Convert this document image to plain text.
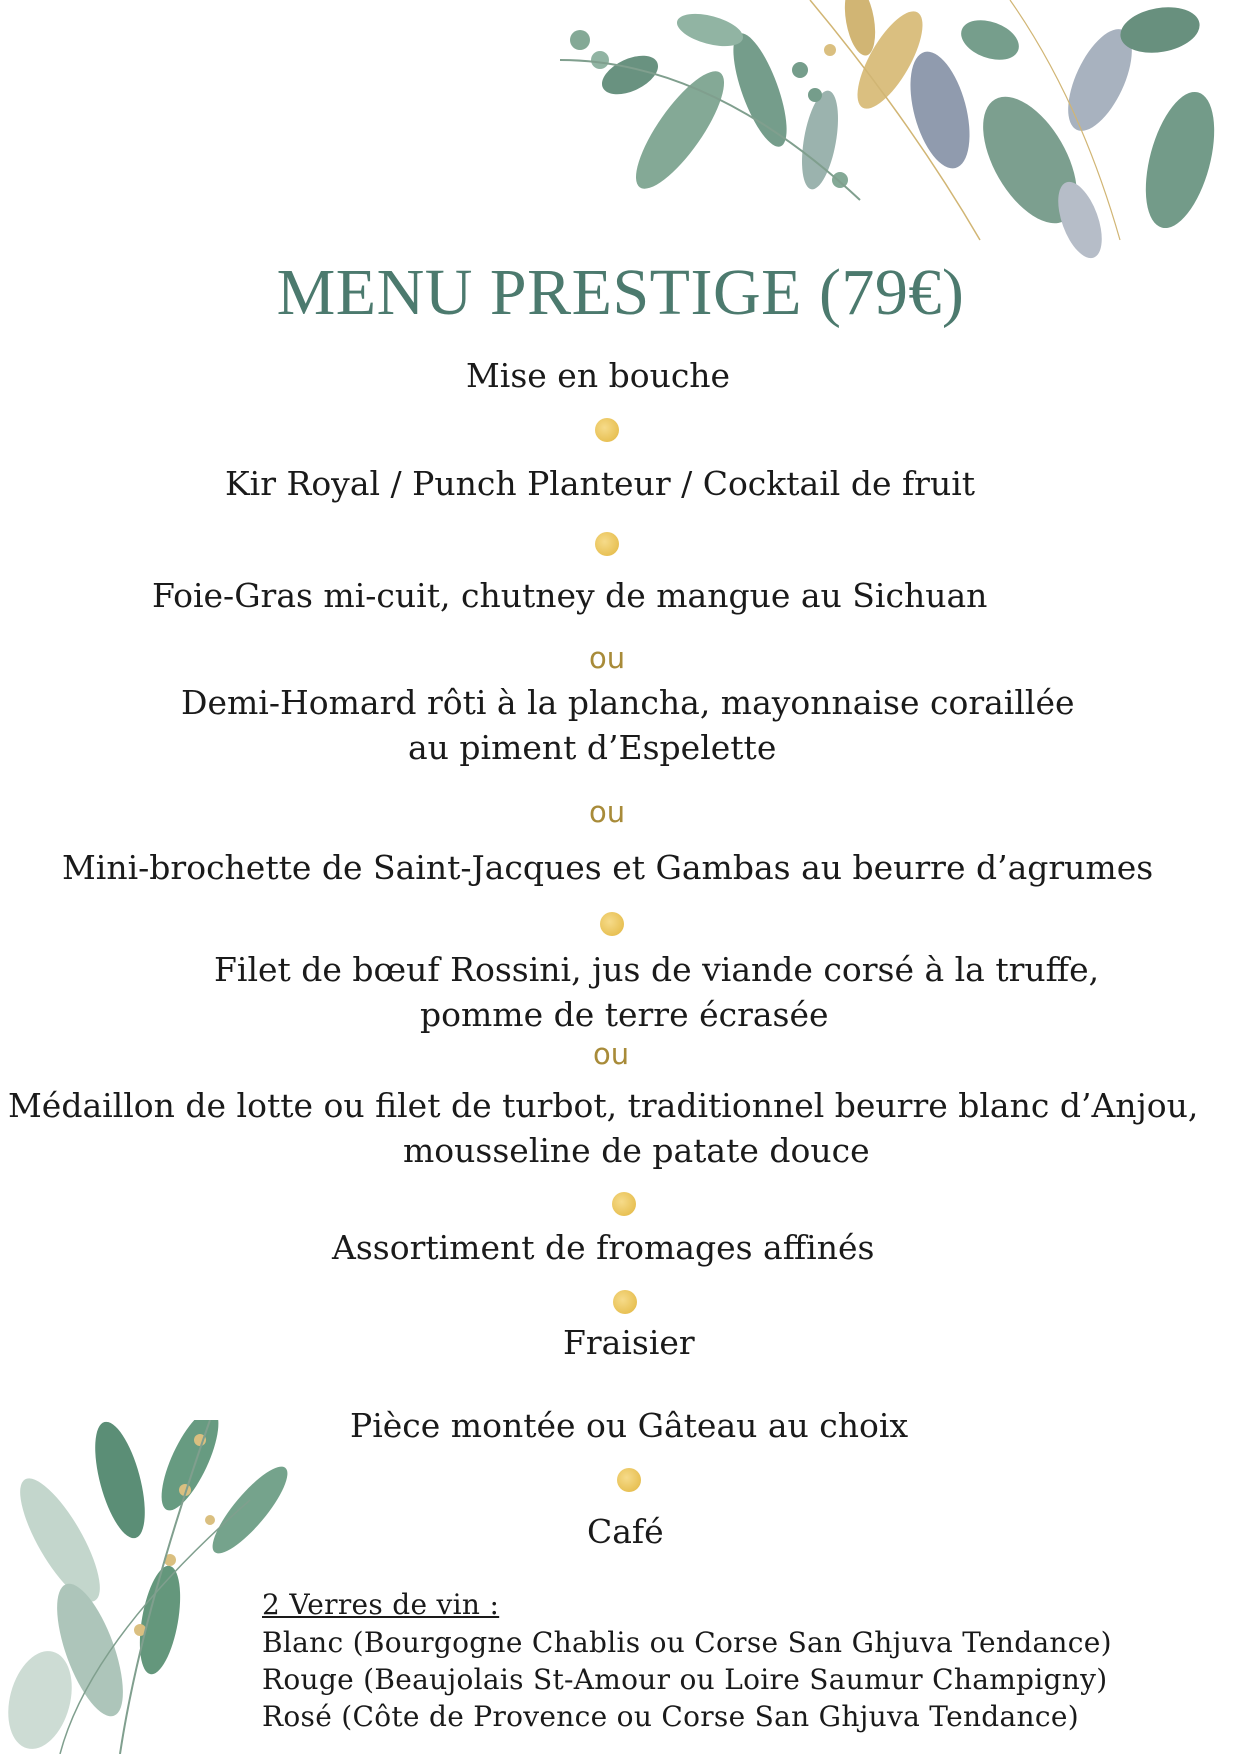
MENU PRESTIGE (79€)
Mise en bouche
Kir Royal / Punch Planteur / Cocktail de fruit
Foie-Gras mi-cuit, chutney de mangue au Sichuan
ou
Demi-Homard rôti à la plancha, mayonnaise coraillée
au piment d’Espelette
ou
Mini-brochette de Saint-Jacques et Gambas au beurre d’agrumes
Filet de bœuf Rossini, jus de viande corsé à la truffe,
pomme de terre écrasée
ou
Médaillon de lotte ou filet de turbot, traditionnel beurre blanc d’Anjou,
mousseline de patate douce
Assortiment de fromages affinés
Fraisier
Pièce montée ou Gâteau au choix
Café
2 Verres de vin :
Blanc (Bourgogne Chablis ou Corse San Ghjuva Tendance)
Rouge (Beaujolais St-Amour ou Loire Saumur Champigny)
Rosé (Côte de Provence ou Corse San Ghjuva Tendance)
